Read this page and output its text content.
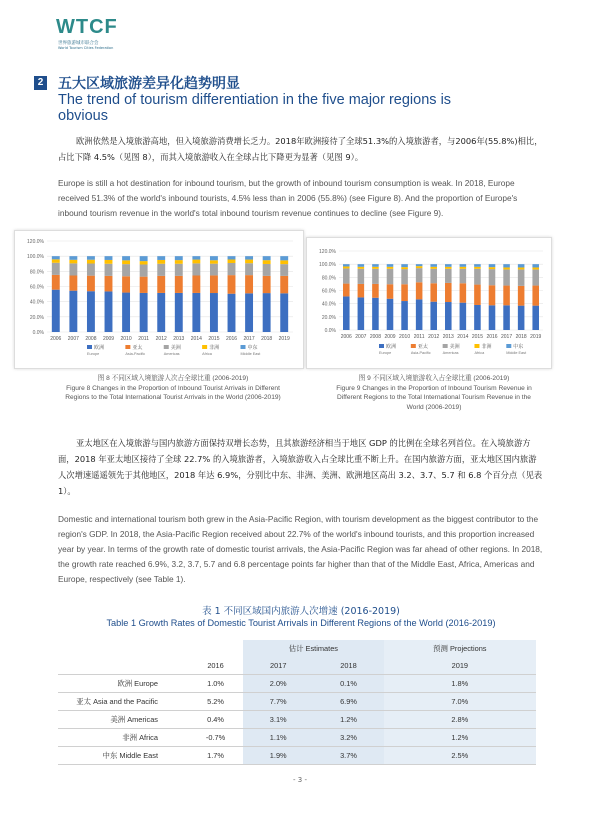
WTCF
世界旅游城市联合会
World Tourism Cities Federation
2 五大区域旅游差异化趋势明显
The trend of tourism differentiation in the five major regions is obvious
欧洲依然是入境旅游高地，但入境旅游消费增长乏力。2018年欧洲接待了全球51.3%的入境旅游者，与2006年(55.8%)相比，占比下降 4.5%（见图 8），而其入境旅游收入在全球占比下降更为显著（见图 9）。
Europe is still a hot destination for inbound tourism, but the growth of inbound tourism consumption is weak. In 2018, Europe received 51.3% of the world's inbound tourists, 4.5% less than in 2006 (55.8%) (see Figure 8). And the proportion of Europe's inbound tourism revenue in the world's total inbound tourism revenue continues to decline (see Figure 9).
0.0%
20.0%
40.0%
60.0%
80.0%
100.0%
120.0%
2006 2007 2008 2009 2010 2011 2012 2013 2014 2015 2016 2017 2018 2019
欧洲
Europe
亚太
Asia-Pacific
美洲
Americas
非洲
Africa
中东
Middle East
图 8 不同区域入境旅游人次占全球比重 (2006-2019)
Figure 8 Changes in the Proportion of Inbound Tourist Arrivals in Different Regions to the Total International Tourist Arrivals in the World (2006-2019)
0.0%
20.0%
40.0%
60.0%
80.0%
100.0%
120.0%
2006 2007 2008 2009 2010 2011 2012 2013 2014 2015 2016 2017 2018 2019
欧洲
Europe
亚太
Asia-Pacific
美洲
Americas
非洲
Africa
中东
Middle East
图 9 不同区域入境旅游收入占全球比重 (2006-2019)
Figure 9 Changes in the Proportion of Inbound Tourism Revenue in Different Regions to the Total International Tourism Revenue in the World (2006-2019)
亚太地区在入境旅游与国内旅游方面保持双增长态势，且其旅游经济相当于地区 GDP 的比例在全球名列首位。在入境旅游方面，2018 年亚太地区接待了全球 22.7% 的入境旅游者，入境旅游收入占全球比重不断上升。在国内旅游方面，亚太地区国内旅游人次增速遥遥领先于其他地区，2018 年达 6.9%，分别比中东、非洲、美洲、欧洲地区高出 3.2、3.7、5.7 和 6.8 个百分点（见表 1）。
Domestic and international tourism both grew in the Asia-Pacific Region, with tourism development as the biggest contributor to the region's GDP. In 2018, the Asia-Pacific Region received about 22.7% of the world's inbound tourists, and this proportion increased year by year. In terms of the growth rate of domestic tourist arrivals, the Asia-Pacific Region was far ahead of other regions. In 2018, the growth rate reached 6.9%, 3.2, 3.7, 5.7 and 6.8 percentage points far higher than that of the Middle East, Africa, Americas and Europe, respectively (see Table 1).
表 1 不同区域国内旅游人次增速 (2016-2019)
Table 1 Growth Rates of Domestic Tourist Arrivals in Different Regions of the World (2016-2019)
		估计 Estimates		预测 Projections
	2016	2017	2018	2019
欧洲 Europe	1.0%	2.0%	0.1%	1.8%
亚太 Asia and the Pacific	5.2%	7.7%	6.9%	7.0%
美洲 Americas	0.4%	3.1%	1.2%	2.8%
非洲 Africa	-0.7%	1.1%	3.2%	1.2%
中东 Middle East	1.7%	1.9%	3.7%	2.5%
- 3 -
